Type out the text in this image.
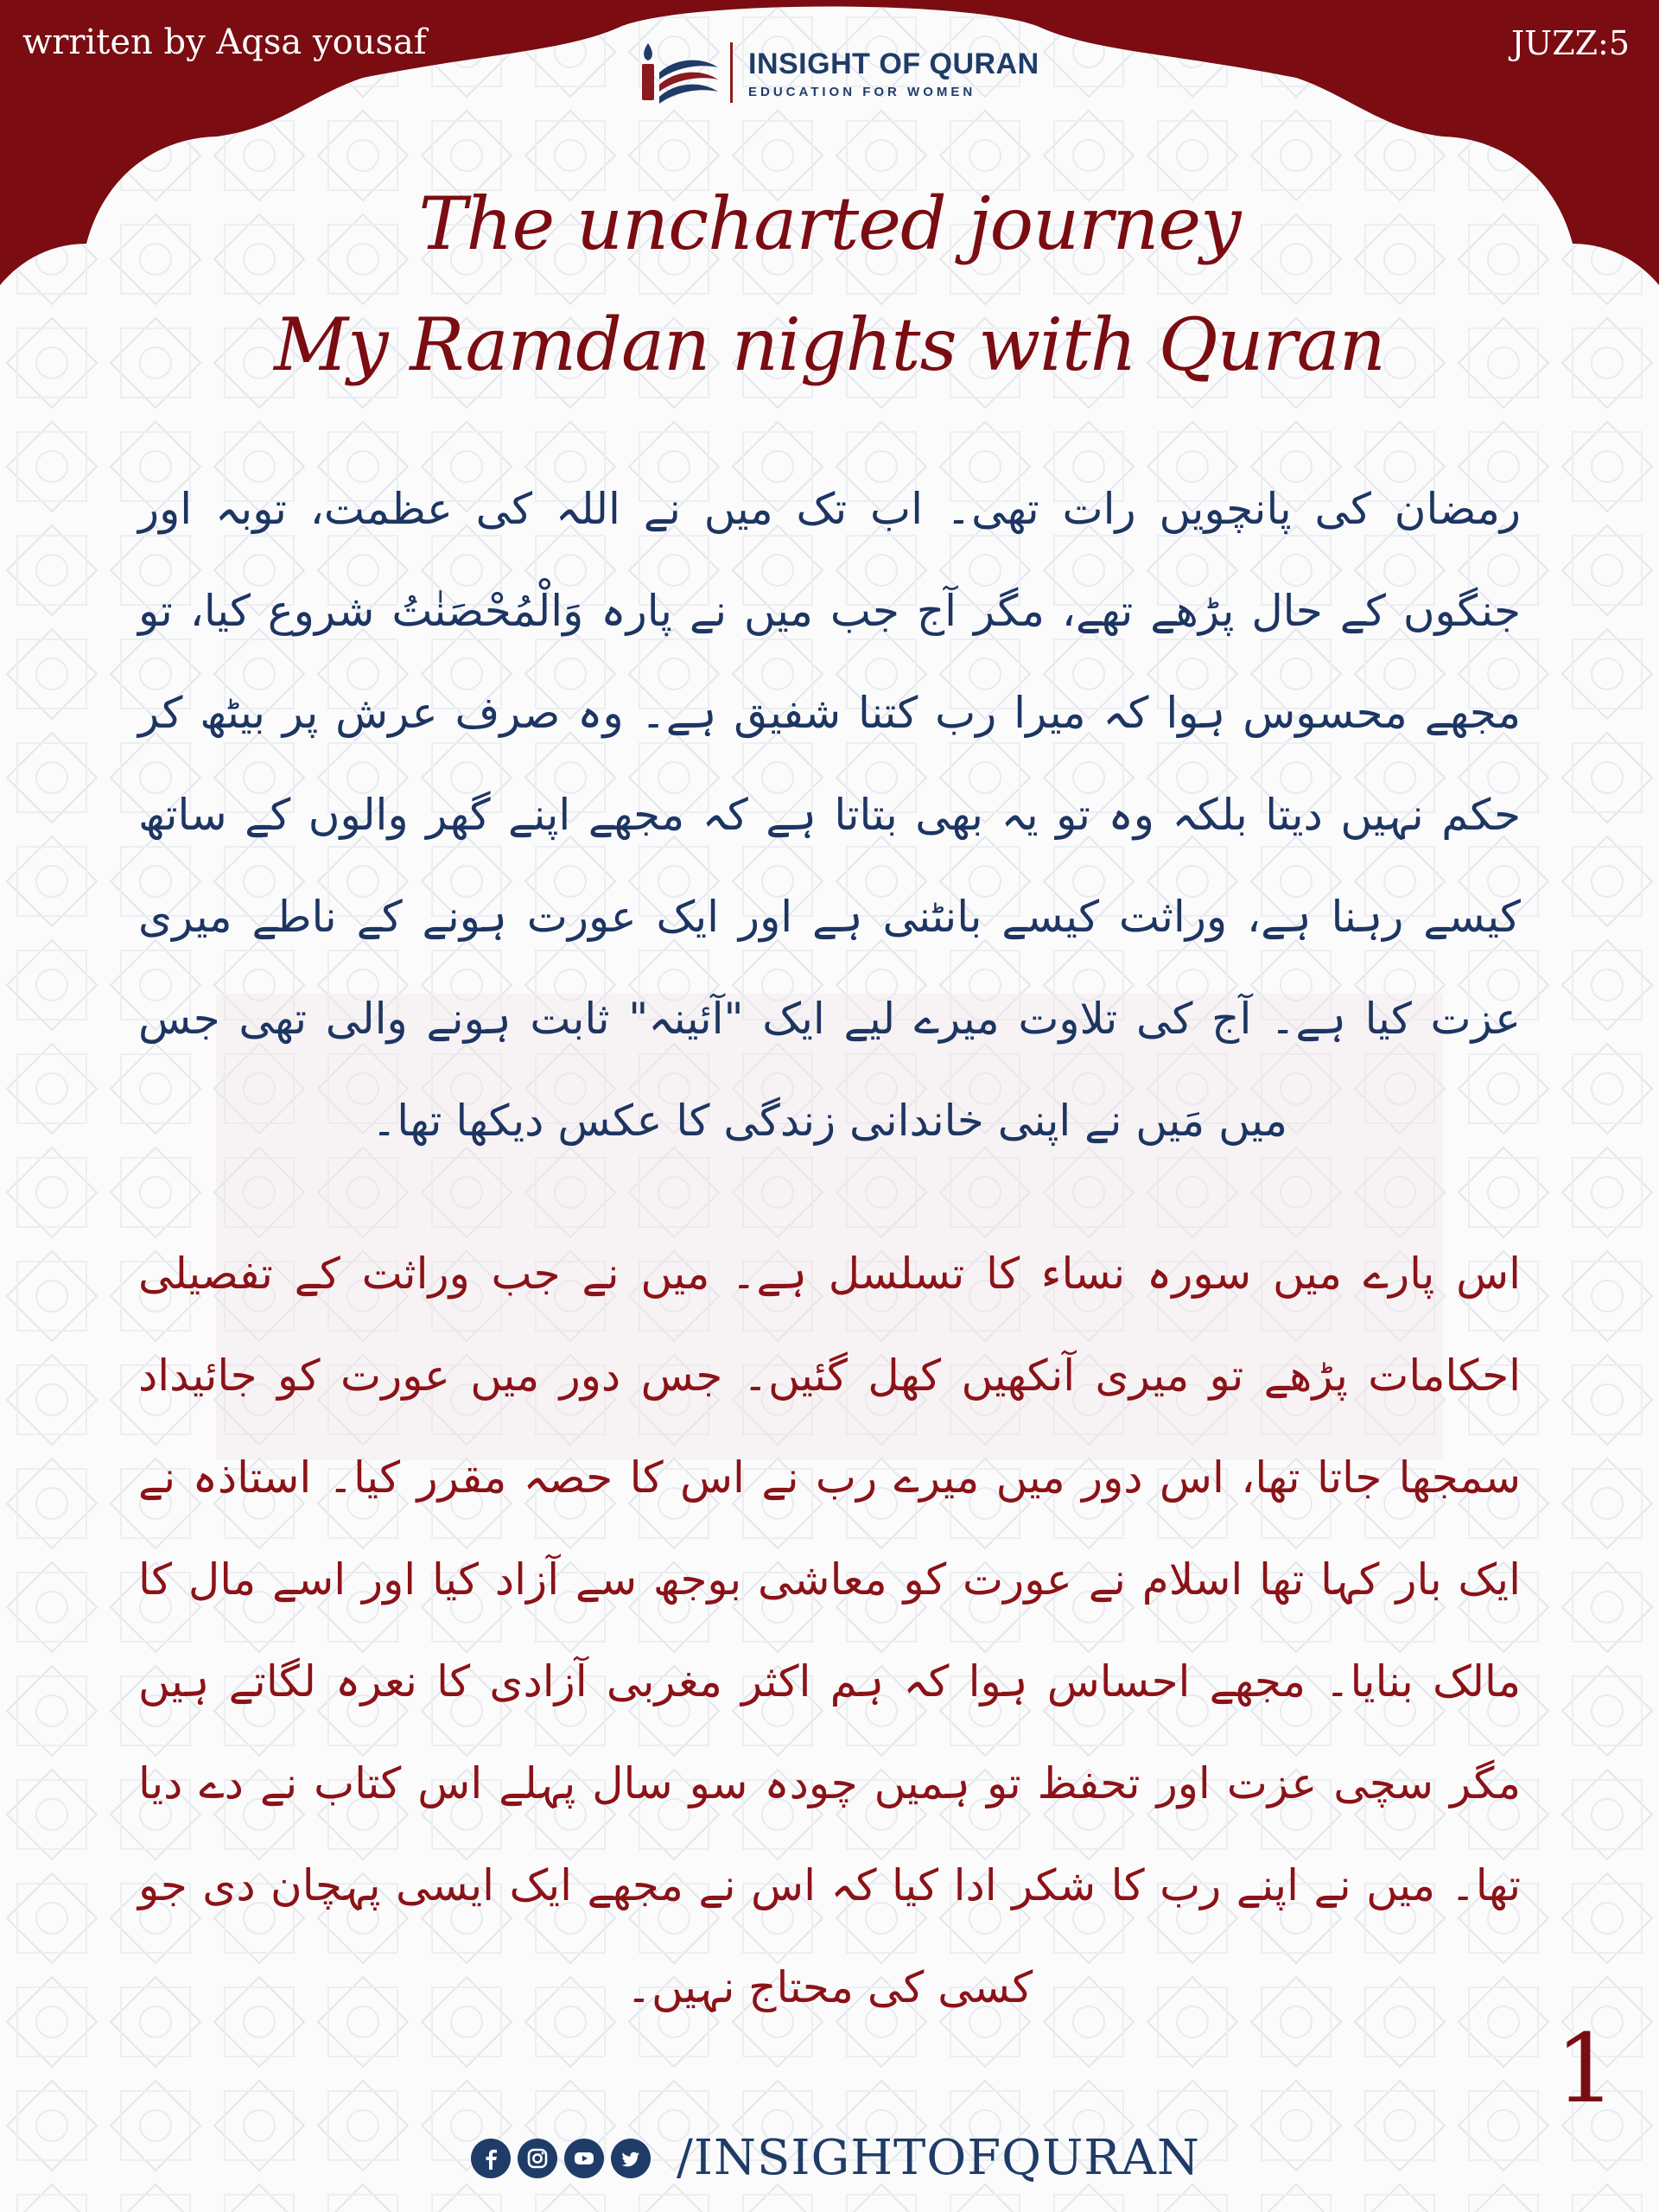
wrriten by Aqsa yousaf	JUZZ:5
INSIGHT OF QURAN
EDUCATION FOR WOMEN
The uncharted journey
My Ramdan nights with Quran
رمضان کی پانچویں رات تھی۔ اب تک میں نے اللہ کی عظمت، توبہ اور جنگوں کے حال پڑھے تھے، مگر آج جب میں نے پارہ وَالْمُحْصَنٰتُ شروع کیا، تو مجھے محسوس ہوا کہ میرا رب کتنا شفیق ہے۔ وہ صرف عرش پر بیٹھ کر حکم نہیں دیتا بلکہ وہ تو یہ بھی بتاتا ہے کہ مجھے اپنے گھر والوں کے ساتھ کیسے رہنا ہے، وراثت کیسے بانٹنی ہے اور ایک عورت ہونے کے ناطے میری عزت کیا ہے۔ آج کی تلاوت میرے لیے ایک "آئینہ" ثابت ہونے والی تھی جس میں مَیں نے اپنی خاندانی زندگی کا عکس دیکھا تھا۔
اس پارے میں سورہ نساء کا تسلسل ہے۔ میں نے جب وراثت کے تفصیلی احکامات پڑھے تو میری آنکھیں کھل گئیں۔ جس دور میں عورت کو جائیداد سمجھا جاتا تھا، اس دور میں میرے رب نے اس کا حصہ مقرر کیا۔ استاذہ نے ایک بار کہا تھا اسلام نے عورت کو معاشی بوجھ سے آزاد کیا اور اسے مال کا مالک بنایا۔ مجھے احساس ہوا کہ ہم اکثر مغربی آزادی کا نعرہ لگاتے ہیں مگر سچی عزت اور تحفظ تو ہمیں چودہ سو سال پہلے اس کتاب نے دے دیا تھا۔ میں نے اپنے رب کا شکر ادا کیا کہ اس نے مجھے ایک ایسی پہچان دی جو کسی کی محتاج نہیں۔
1
/INSIGHTOFQURAN
